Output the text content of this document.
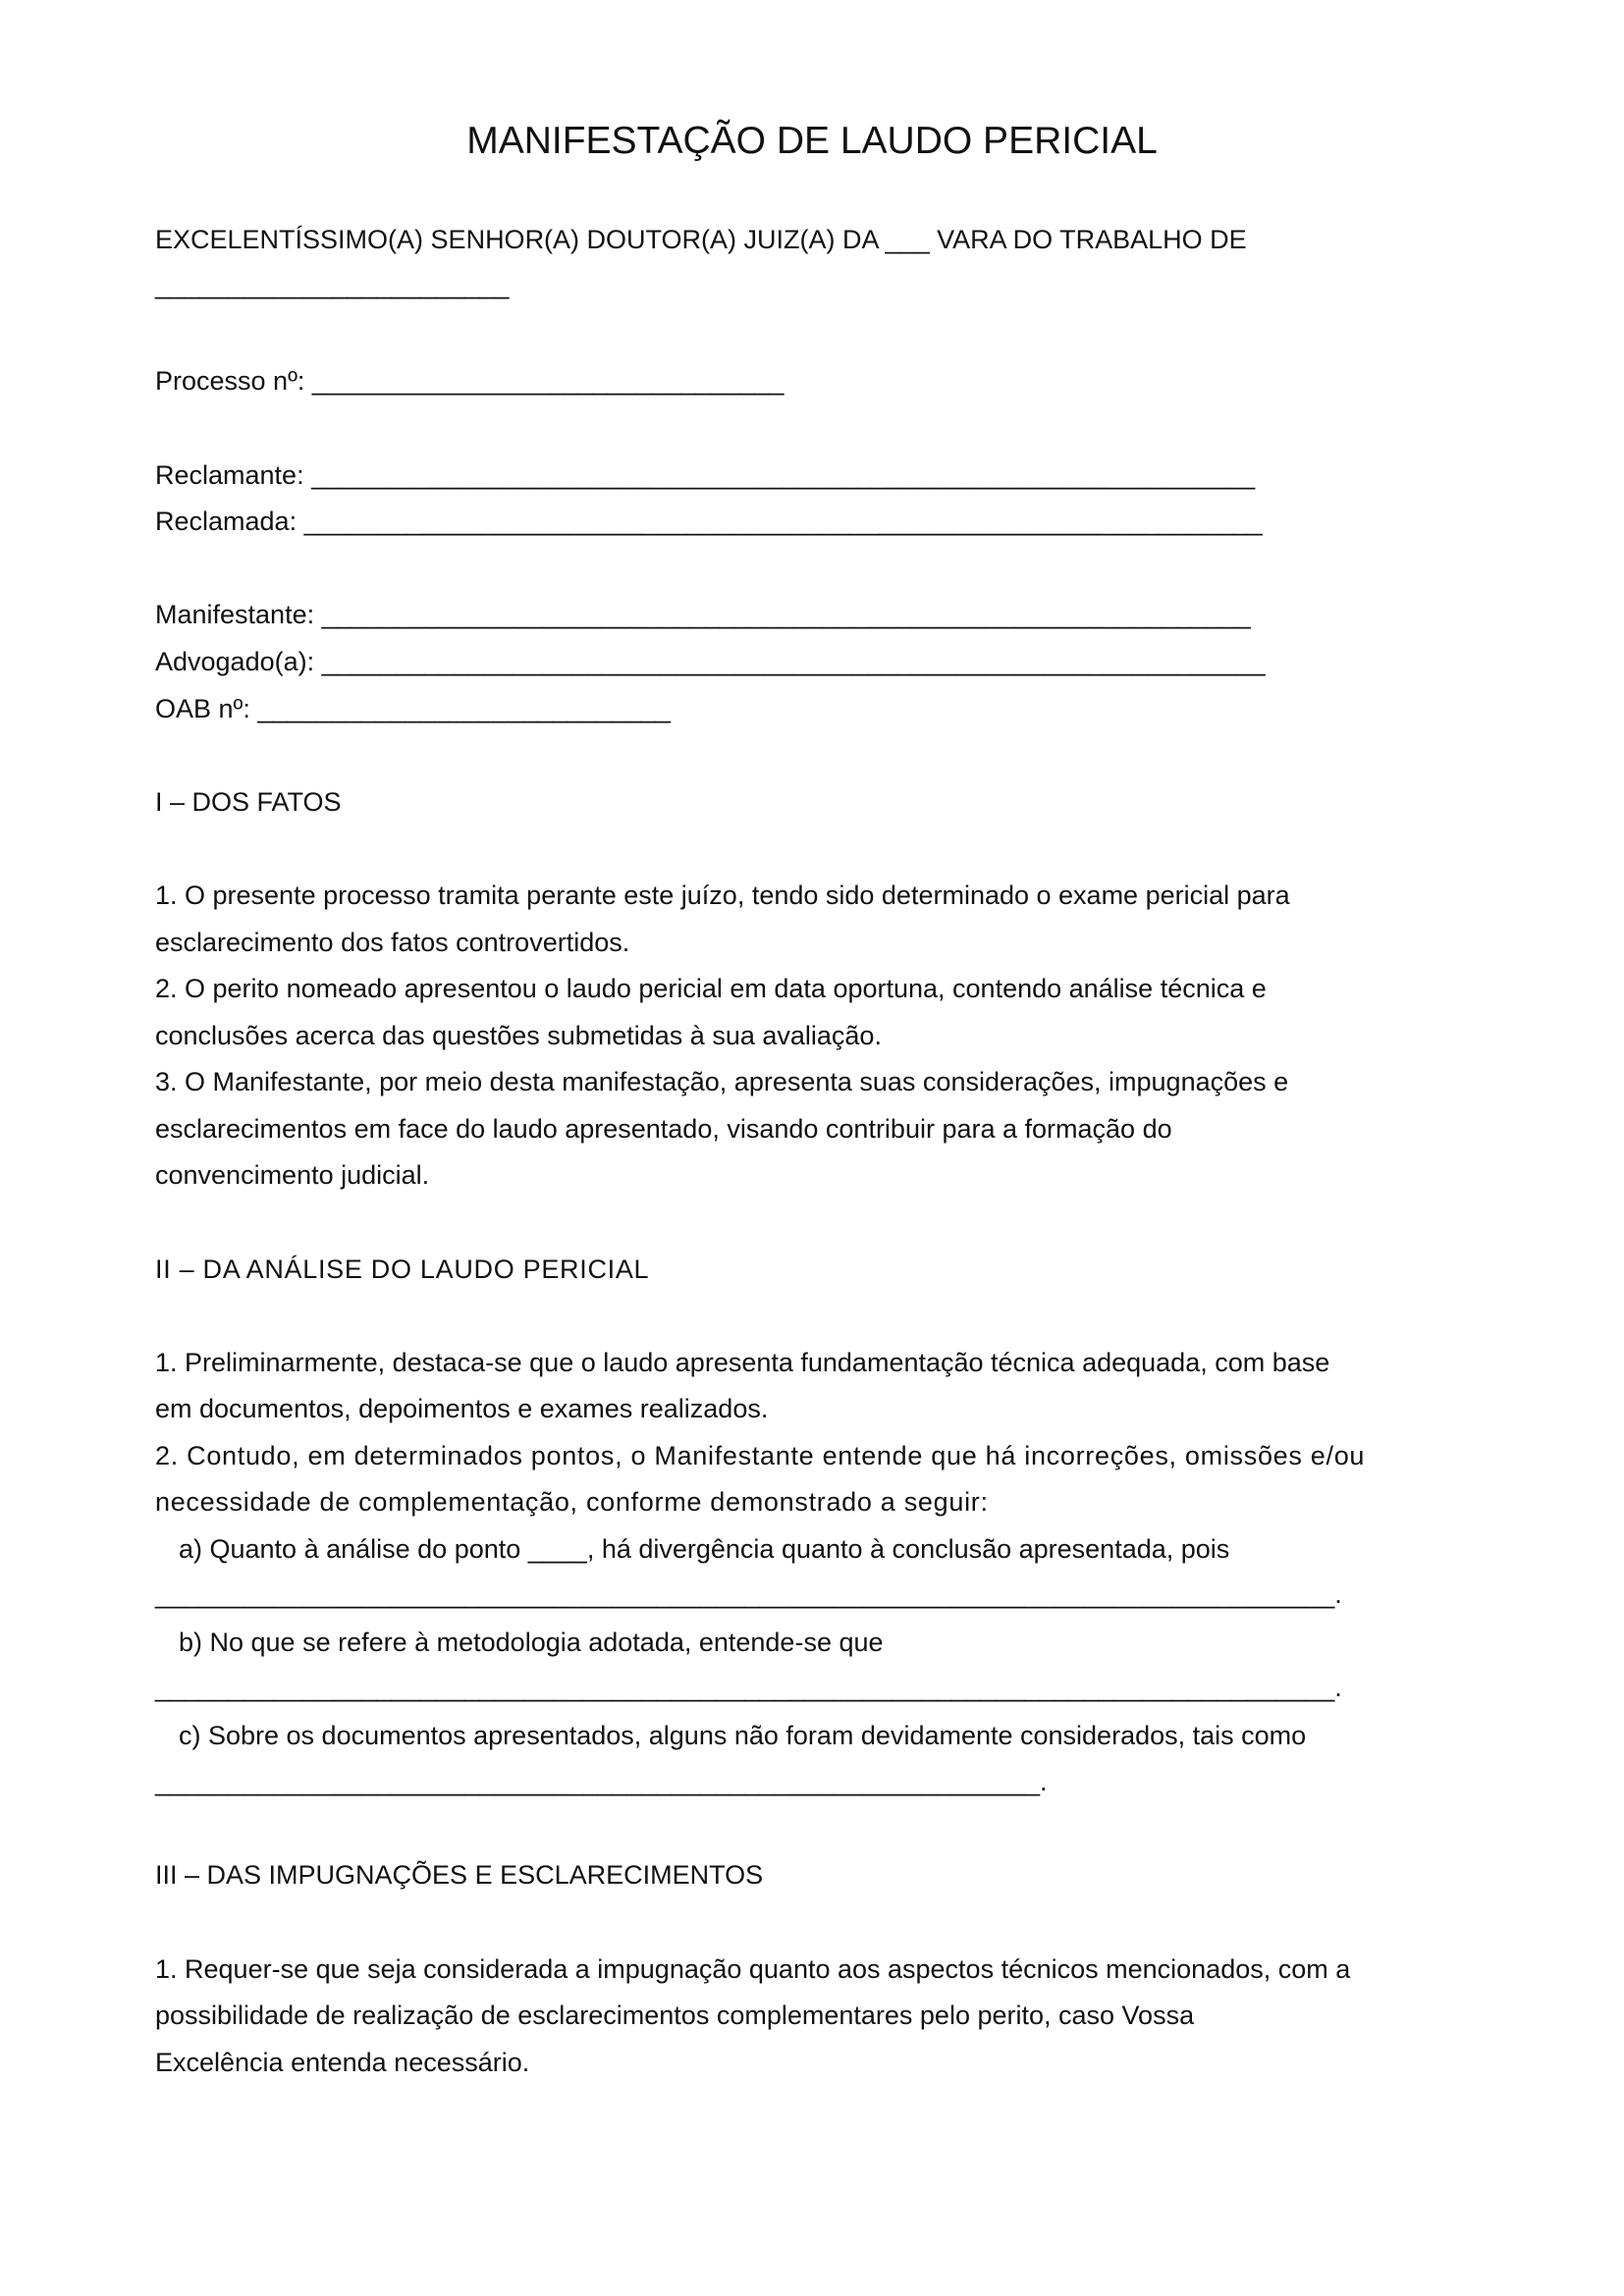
MANIFESTAÇÃO DE LAUDO PERICIAL
EXCELENTÍSSIMO(A) SENHOR(A) DOUTOR(A) JUIZ(A) DA ___ VARA DO TRABALHO DE
________________________
Processo nº: ________________________________
Reclamante: ________________________________________________________________
Reclamada: _________________________________________________________________
Manifestante: _______________________________________________________________
Advogado(a): ________________________________________________________________
OAB nº: ____________________________
I – DOS FATOS
1. O presente processo tramita perante este juízo, tendo sido determinado o exame pericial para
esclarecimento dos fatos controvertidos.
2. O perito nomeado apresentou o laudo pericial em data oportuna, contendo análise técnica e
conclusões acerca das questões submetidas à sua avaliação.
3. O Manifestante, por meio desta manifestação, apresenta suas considerações, impugnações e
esclarecimentos em face do laudo apresentado, visando contribuir para a formação do
convencimento judicial.
II – DA ANÁLISE DO LAUDO PERICIAL
1. Preliminarmente, destaca-se que o laudo apresenta fundamentação técnica adequada, com base
em documentos, depoimentos e exames realizados.
2. Contudo, em determinados pontos, o Manifestante entende que há incorreções, omissões e/ou
necessidade de complementação, conforme demonstrado a seguir:
a) Quanto à análise do ponto ____, há divergência quanto à conclusão apresentada, pois
________________________________________________________________________________.
b) No que se refere à metodologia adotada, entende-se que
________________________________________________________________________________.
c) Sobre os documentos apresentados, alguns não foram devidamente considerados, tais como
____________________________________________________________.
III – DAS IMPUGNAÇÕES E ESCLARECIMENTOS
1. Requer-se que seja considerada a impugnação quanto aos aspectos técnicos mencionados, com a
possibilidade de realização de esclarecimentos complementares pelo perito, caso Vossa
Excelência entenda necessário.
